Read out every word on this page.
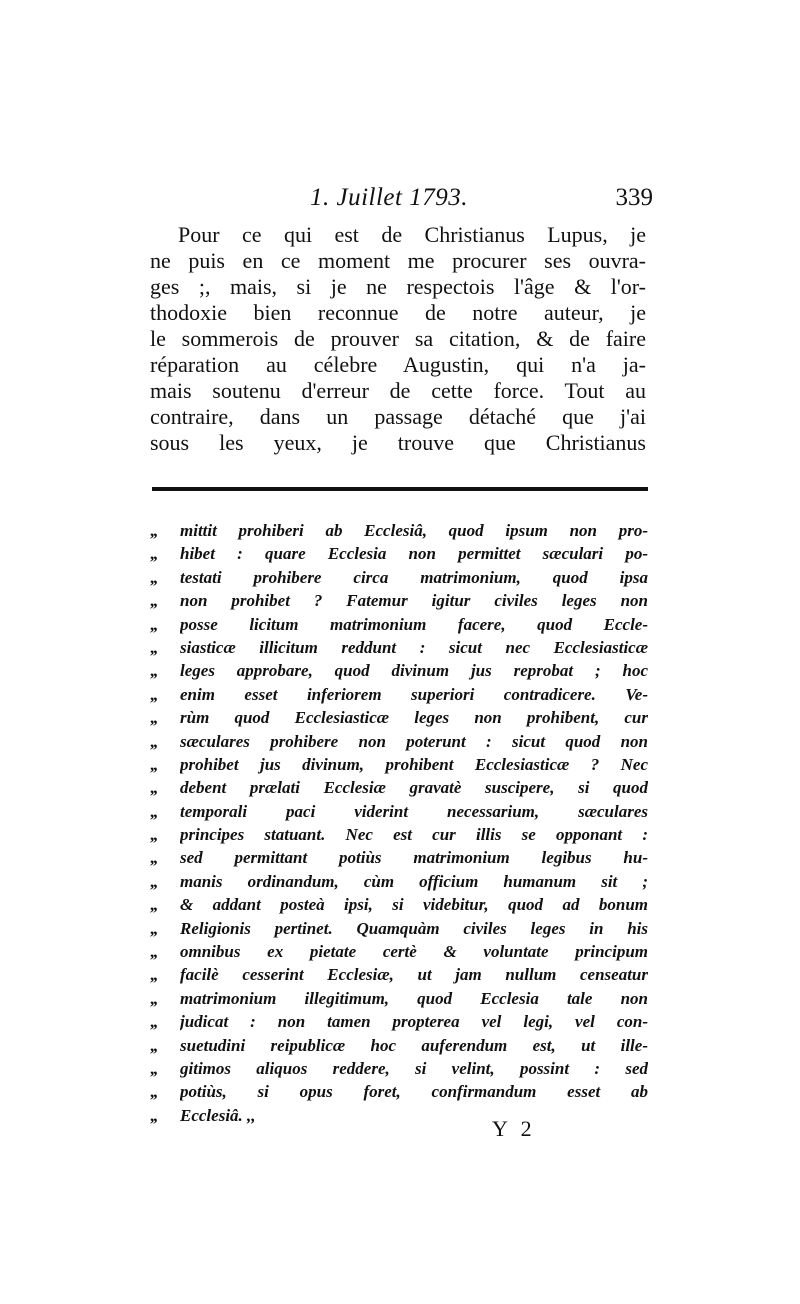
1. Juillet 1793.	339
Pour ce qui est de Christianus Lupus, je
ne puis en ce moment me procurer ses ouvra-
ges ;, mais, si je ne respectois l'âge & l'or-
thodoxie bien reconnue de notre auteur, je
le sommerois de prouver sa citation, & de faire
réparation au célebre Augustin, qui n'a ja-
mais soutenu d'erreur de cette force. Tout au
contraire, dans un passage détaché que j'ai
sous les yeux, je trouve que Christianus
,,	mittit prohiberi ab Ecclesiâ, quod ipsum non pro-
,,	hibet : quare Ecclesia non permittet sæculari po-
,,	testati prohibere circa matrimonium, quod ipsa
,,	non prohibet ? Fatemur igitur civiles leges non
,,	posse licitum matrimonium facere, quod Eccle-
,,	siasticæ illicitum reddunt : sicut nec Ecclesiasticæ
,,	leges approbare, quod divinum jus reprobat ; hoc
,,	enim esset inferiorem superiori contradicere. Ve-
,,	rùm quod Ecclesiasticæ leges non prohibent, cur
,,	sæculares prohibere non poterunt : sicut quod non
,,	prohibet jus divinum, prohibent Ecclesiasticæ ? Nec
,,	debent prælati Ecclesiæ gravatè suscipere, si quod
,,	temporali paci viderint necessarium, sæculares
,,	principes statuant. Nec est cur illis se opponant :
,,	sed permittant potiùs matrimonium legibus hu-
,,	manis ordinandum, cùm officium humanum sit ;
,,	& addant posteà ipsi, si videbitur, quod ad bonum
,,	Religionis pertinet. Quamquàm civiles leges in his
,,	omnibus ex pietate certè & voluntate principum
,,	facilè cesserint Ecclesiæ, ut jam nullum censeatur
,,	matrimonium illegitimum, quod Ecclesia tale non
,,	judicat : non tamen propterea vel legi, vel con-
,,	suetudini reipublicæ hoc auferendum est, ut ille-
,,	gitimos aliquos reddere, si velint, possint : sed
,,	potiùs, si opus foret, confirmandum esset ab
,,	Ecclesiâ. ,,
Y 2
